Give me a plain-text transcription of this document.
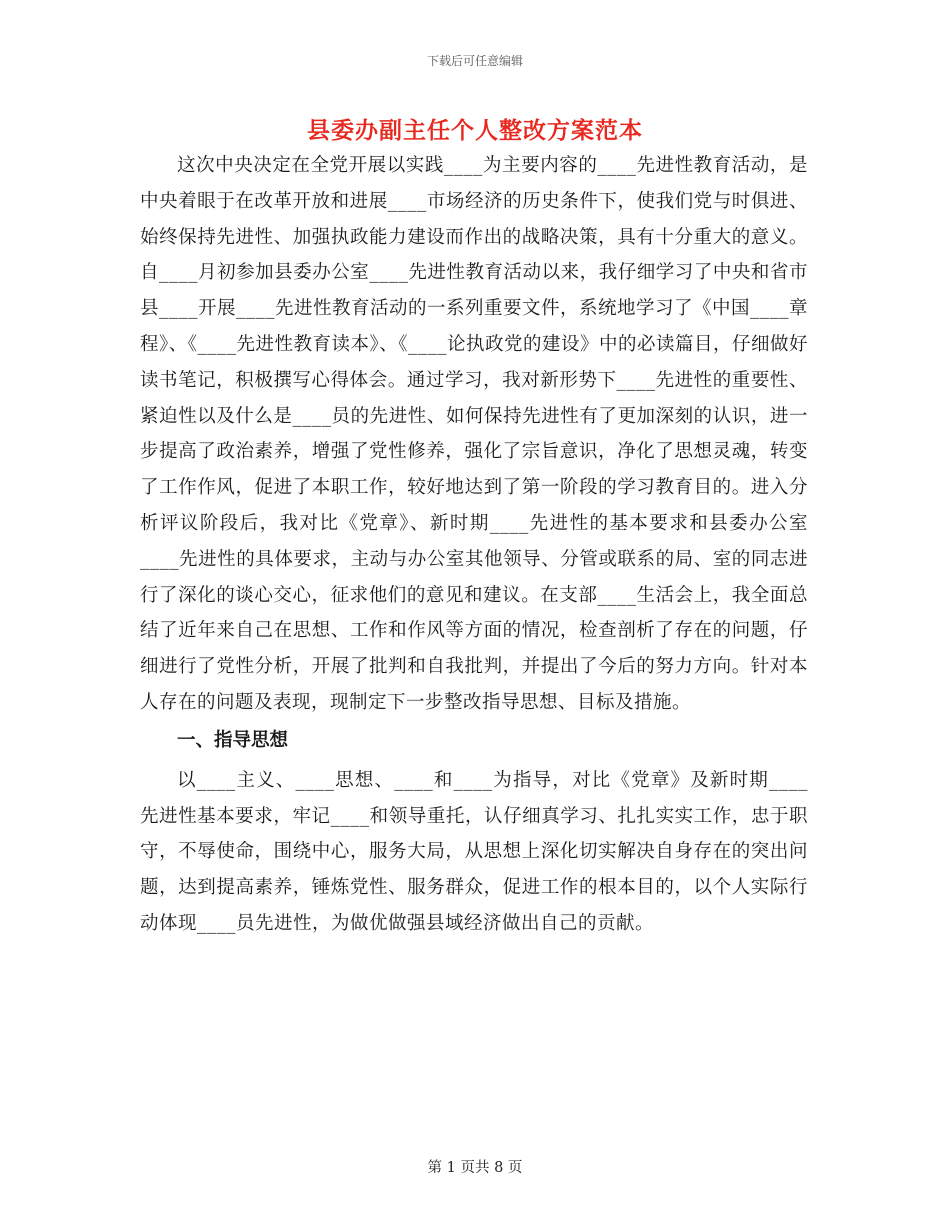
下载后可任意编辑
县委办副主任个人整改方案范本

这次中央决定在全党开展以实践____为主要内容的____先进性教育活动，是中央着眼于在改革开放和进展____市场经济的历史条件下，使我们党与时俱进、始终保持先进性、加强执政能力建设而作出的战略决策，具有十分重大的意义。自____月初参加县委办公室____先进性教育活动以来，我仔细学习了中央和省市县____开展____先进性教育活动的一系列重要文件，系统地学习了《中国____章程》、《____先进性教育读本》、《____论执政党的建设》中的必读篇目，仔细做好读书笔记，积极撰写心得体会。通过学习，我对新形势下____先进性的重要性、紧迫性以及什么是____员的先进性、如何保持先进性有了更加深刻的认识，进一步提高了政治素养，增强了党性修养，强化了宗旨意识，净化了思想灵魂，转变了工作作风，促进了本职工作，较好地达到了第一阶段的学习教育目的。进入分析评议阶段后，我对比《党章》、新时期____先进性的基本要求和县委办公室____先进性的具体要求，主动与办公室其他领导、分管或联系的局、室的同志进行了深化的谈心交心，征求他们的意见和建议。在支部____生活会上，我全面总结了近年来自己在思想、工作和作风等方面的情况，检查剖析了存在的问题，仔细进行了党性分析，开展了批判和自我批判，并提出了今后的努力方向。针对本人存在的问题及表现，现制定下一步整改指导思想、目标及措施。

一、指导思想

以____主义、____思想、____和____为指导，对比《党章》及新时期____先进性基本要求，牢记____和领导重托，认仔细真学习、扎扎实实工作，忠于职守，不辱使命，围绕中心，服务大局，从思想上深化切实解决自身存在的突出问题，达到提高素养，锤炼党性、服务群众，促进工作的根本目的，以个人实际行动体现____员先进性，为做优做强县域经济做出自己的贡献。

第 1 页共 8 页
